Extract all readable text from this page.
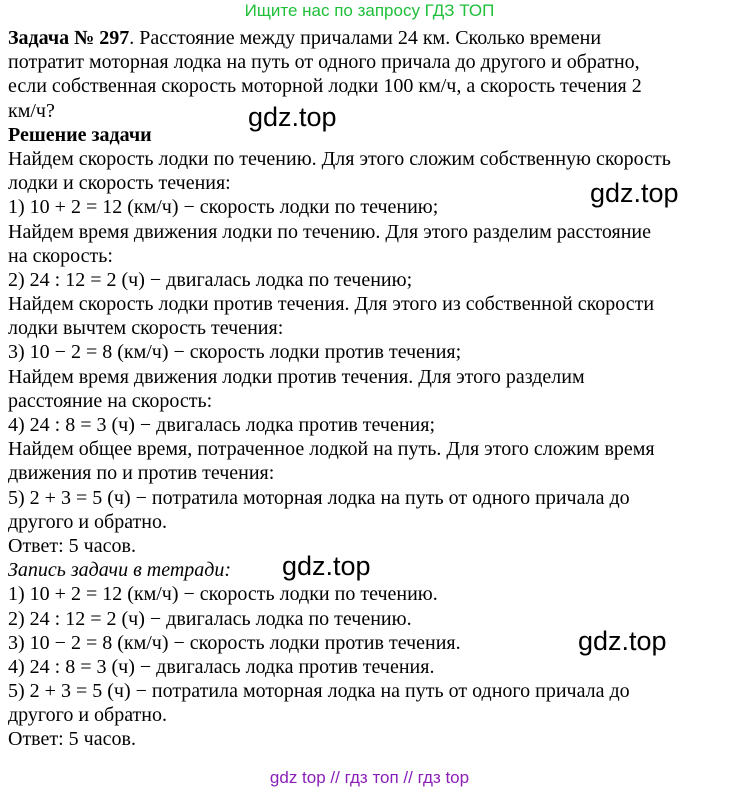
Ищите нас по запросу ГДЗ ТОП
Задача № 297. Расстояние между причалами 24 км. Сколько времени
потратит моторная лодка на путь от одного причала до другого и обратно,
если собственная скорость моторной лодки 100 км/ч, а скорость течения 2
км/ч?
Решение задачи
Найдем скорость лодки по течению. Для этого сложим собственную скорость
лодки и скорость течения:
1) 10 + 2 = 12 (км/ч) − скорость лодки по течению;
Найдем время движения лодки по течению. Для этого разделим расстояние
на скорость:
2) 24 : 12 = 2 (ч) − двигалась лодка по течению;
Найдем скорость лодки против течения. Для этого из собственной скорости
лодки вычтем скорость течения:
3) 10 − 2 = 8 (км/ч) − скорость лодки против течения;
Найдем время движения лодки против течения. Для этого разделим
расстояние на скорость:
4) 24 : 8 = 3 (ч) − двигалась лодка против течения;
Найдем общее время, потраченное лодкой на путь. Для этого сложим время
движения по и против течения:
5) 2 + 3 = 5 (ч) − потратила моторная лодка на путь от одного причала до
другого и обратно.
Ответ: 5 часов.
Запись задачи в тетради:
1) 10 + 2 = 12 (км/ч) − скорость лодки по течению.
2) 24 : 12 = 2 (ч) − двигалась лодка по течению.
3) 10 − 2 = 8 (км/ч) − скорость лодки против течения.
4) 24 : 8 = 3 (ч) − двигалась лодка против течения.
5) 2 + 3 = 5 (ч) − потратила моторная лодка на путь от одного причала до
другого и обратно.
Ответ: 5 часов.
gdz.top
gdz.top
gdz.top
gdz.top
gdz top // гдз топ // гдз top
